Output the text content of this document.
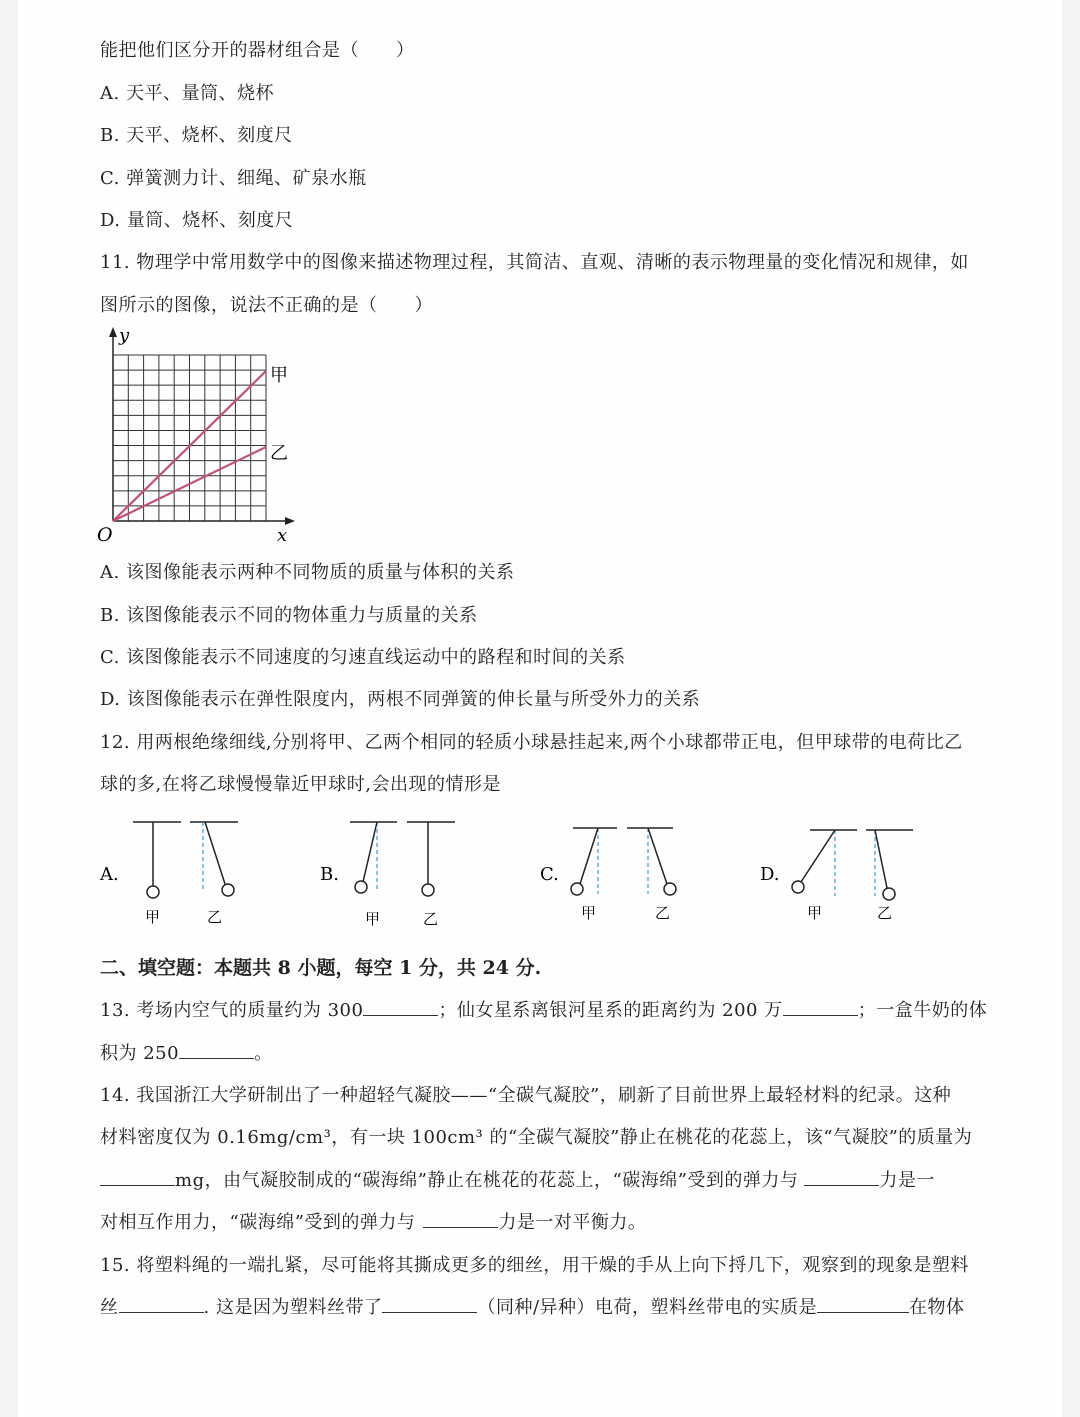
能把他们区分开的器材组合是（　　）
A. 天平、量筒、烧杯
B. 天平、烧杯、刻度尺
C. 弹簧测力计、细绳、矿泉水瓶
D. 量筒、烧杯、刻度尺
11. 物理学中常用数学中的图像来描述物理过程，其简洁、直观、清晰的表示物理量的变化情况和规律，如
图所示的图像，说法不正确的是（　　）
y
x
O
甲
乙
A. 该图像能表示两种不同物质的质量与体积的关系
B. 该图像能表示不同的物体重力与质量的关系
C. 该图像能表示不同速度的匀速直线运动中的路程和时间的关系
D. 该图像能表示在弹性限度内，两根不同弹簧的伸长量与所受外力的关系
12. 用两根绝缘细线,分别将甲、乙两个相同的轻质小球悬挂起来,两个小球都带正电，但甲球带的电荷比乙
球的多,在将乙球慢慢靠近甲球时,会出现的情形是
A.
甲	乙
B.
甲	乙
C.
甲	乙
D.
甲	乙
二、填空题：本题共 8 小题，每空 1 分，共 24 分.
13. 考场内空气的质量约为 300	；仙女星系离银河星系的距离约为 200 万	；一盒牛奶的体
积为 250	。
14. 我国浙江大学研制出了一种超轻气凝胶——“全碳气凝胶”，刷新了目前世界上最轻材料的纪录。这种
材料密度仅为 0.16mg/cm³，有一块 100cm³ 的“全碳气凝胶”静止在桃花的花蕊上，该“气凝胶”的质量为
mg，由气凝胶制成的“碳海绵”静止在桃花的花蕊上，“碳海绵”受到的弹力与	力是一
对相互作用力，“碳海绵”受到的弹力与	力是一对平衡力。
15. 将塑料绳的一端扎紧，尽可能将其撕成更多的细丝，用干燥的手从上向下捋几下，观察到的现象是塑料
丝	. 这是因为塑料丝带了	（同种/异种）电荷，塑料丝带电的实质是	在物体
